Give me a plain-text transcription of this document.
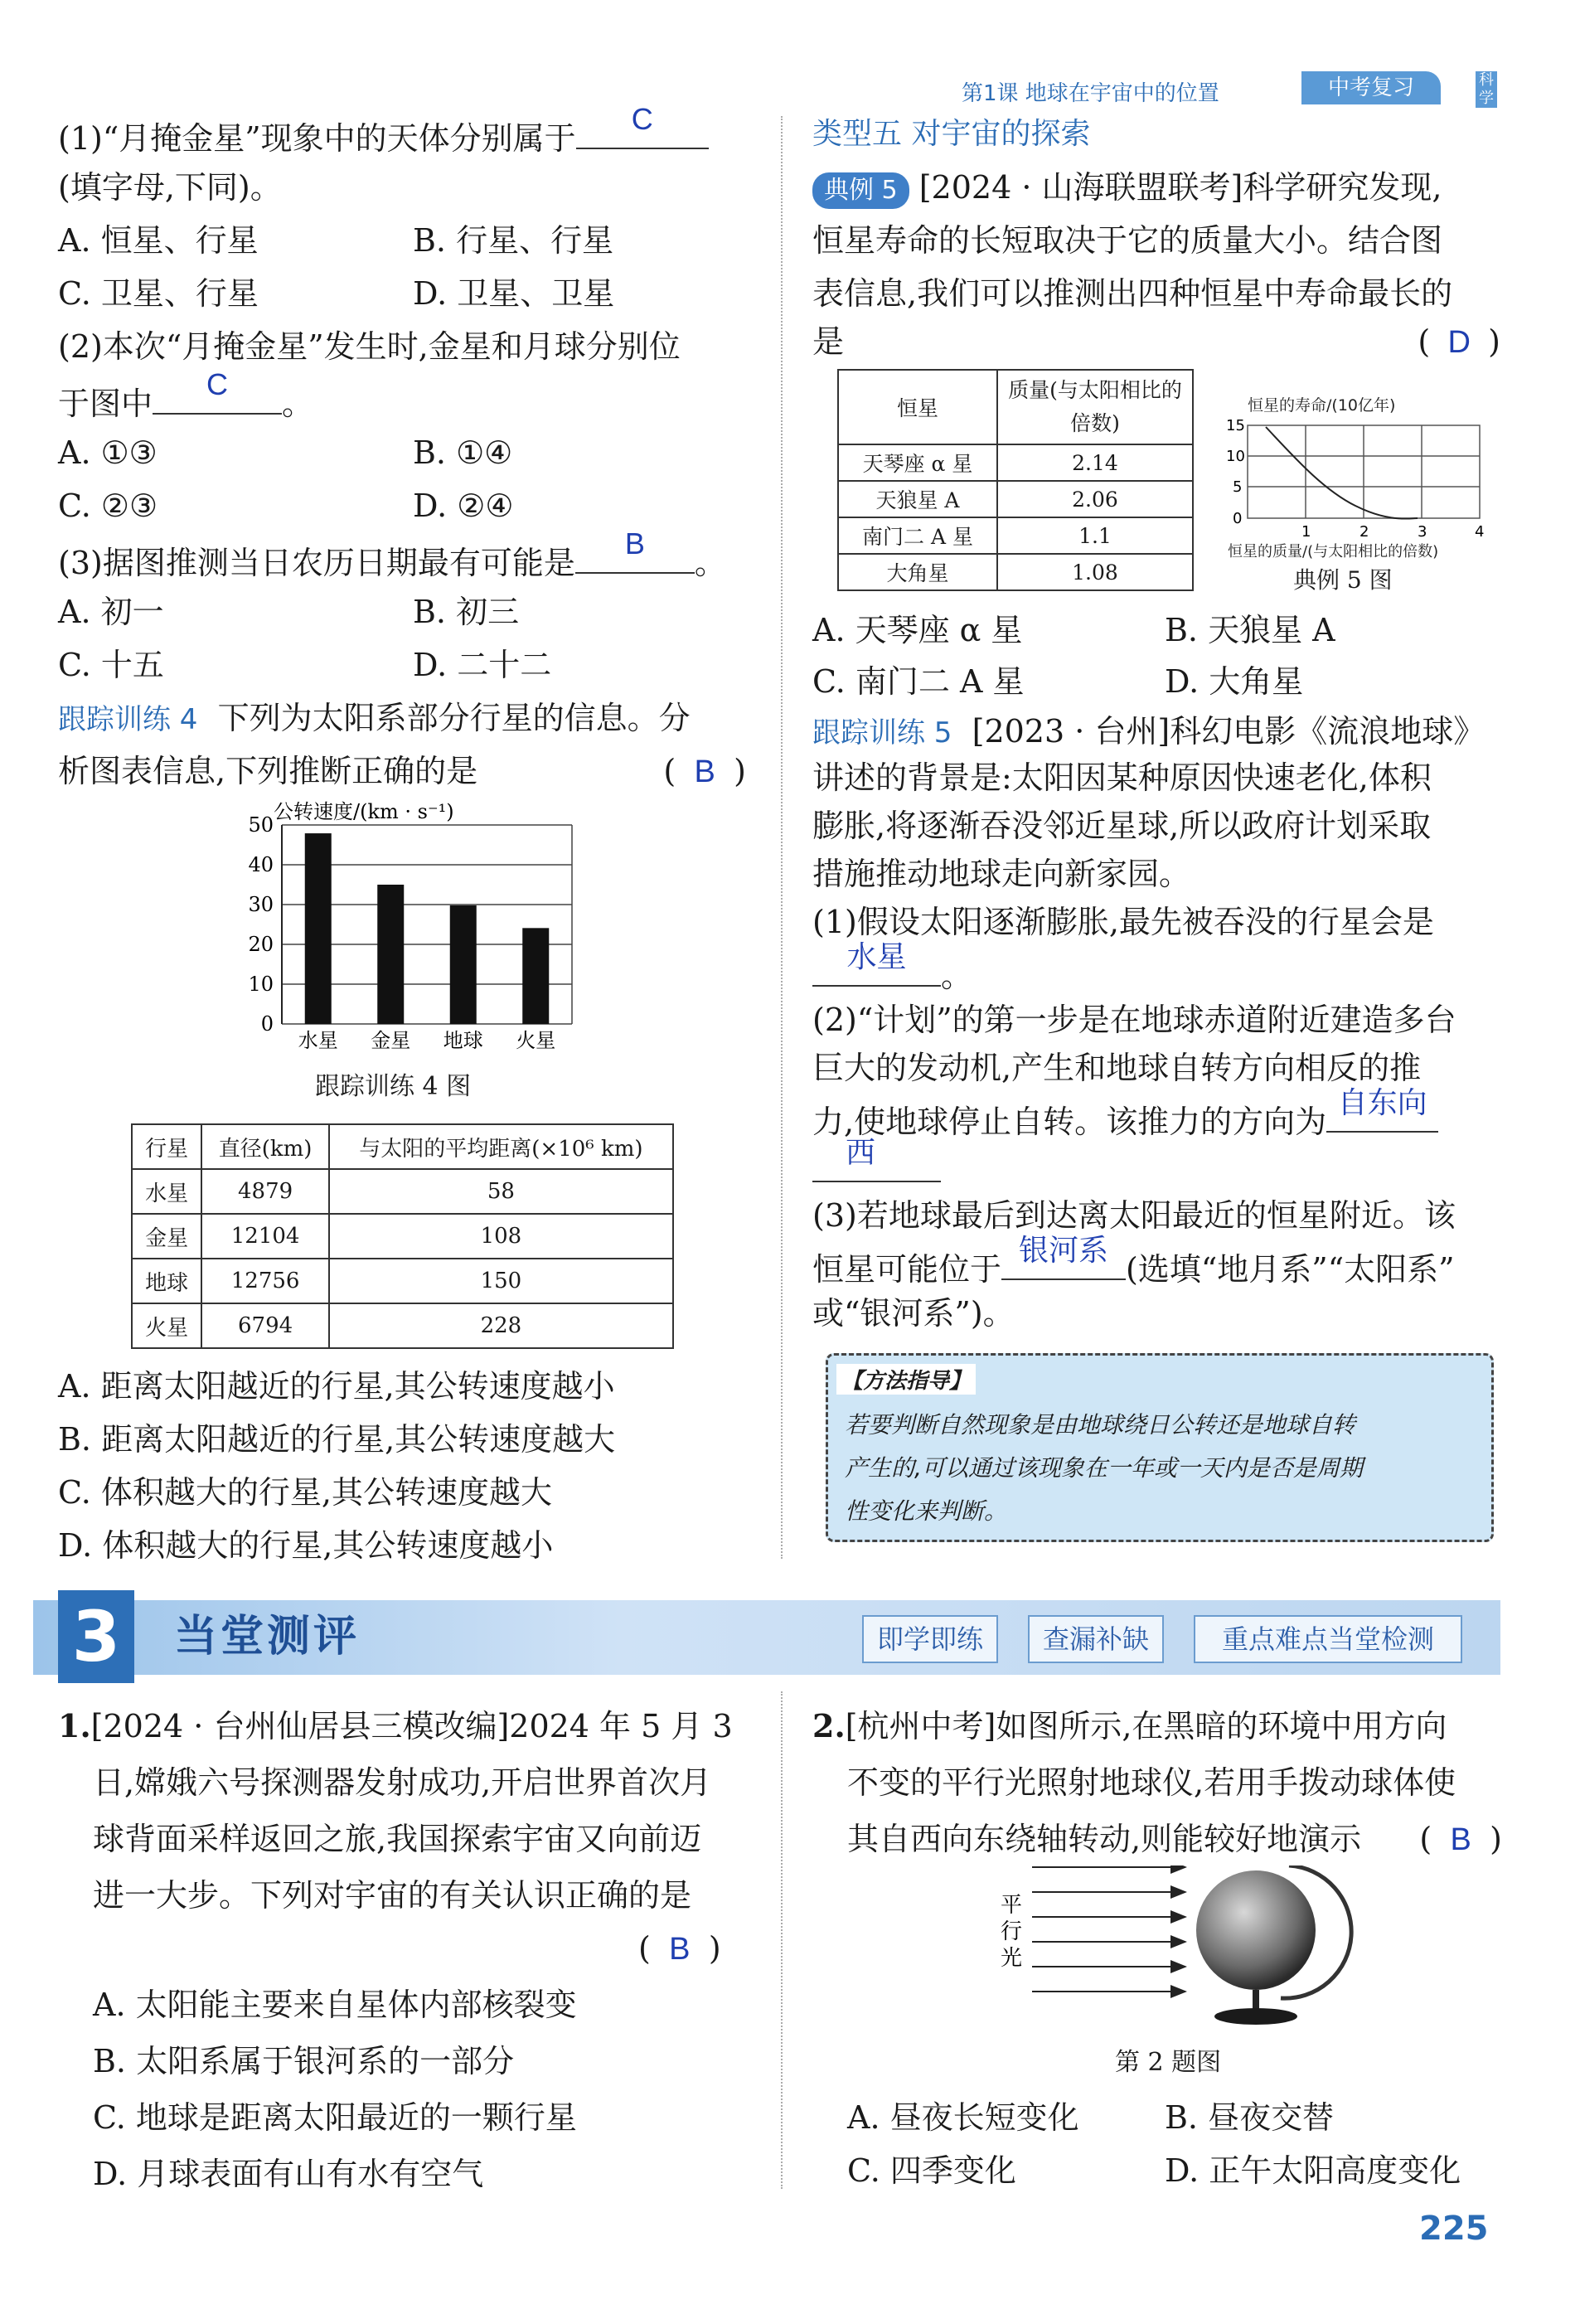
第1课 地球在宇宙中的位置	中考复习	科学
(1)“月掩金星”现象中的天体分别属于
C
(填字母,下同)。
A. 恒星、行星	B. 行星、行星
C. 卫星、行星	D. 卫星、卫星
(2)本次“月掩金星”发生时,金星和月球分别位
于图中
C
。
A. ①③	B. ①④
C. ②③	D. ②④
(3)据图推测当日农历日期最有可能是
B
。
A. 初一	B. 初三
C. 十五	D. 二十二
跟踪训练 4 下列为太阳系部分行星的信息。分
析图表信息,下列推断正确的是	( B )
公转速度/(km · s⁻¹)
0
10
20
30
40
50
水星 金星 地球 火星
跟踪训练 4 图
行星	直径(km)	与太阳的平均距离(×10⁶ km)
水星	4879	58
金星	12104	108
地球	12756	150
火星	6794	228
A. 距离太阳越近的行星,其公转速度越小
B. 距离太阳越近的行星,其公转速度越大
C. 体积越大的行星,其公转速度越大
D. 体积越大的行星,其公转速度越小
类型五 对宇宙的探索
典例 5 [2024 · 山海联盟联考]科学研究发现,
恒星寿命的长短取决于它的质量大小。结合图
表信息,我们可以推测出四种恒星中寿命最长的
是	( D )
恒星	质量(与太阳相比的倍数)
天琴座 α 星	2.14
天狼星 A	2.06
南门二 A 星	1.1
大角星	1.08
恒星的寿命/(10亿年)
15
10
5
0
1	2	3	4
恒星的质量/(与太阳相比的倍数)
典例 5 图
A. 天琴座 α 星	B. 天狼星 A
C. 南门二 A 星	D. 大角星
跟踪训练 5 [2023 · 台州]科幻电影《流浪地球》
讲述的背景是:太阳因某种原因快速老化,体积
膨胀,将逐渐吞没邻近星球,所以政府计划采取
措施推动地球走向新家园。
(1)假设太阳逐渐膨胀,最先被吞没的行星会是
水星
。
(2)“计划”的第一步是在地球赤道附近建造多台
巨大的发动机,产生和地球自转方向相反的推
力,使地球停止自转。该推力的方向为
自东向
西
(3)若地球最后到达离太阳最近的恒星附近。该
恒星可能位于
银河系
(选填“地月系”“太阳系”
或“银河系”)。
【方法指导】
若要判断自然现象是由地球绕日公转还是地球自转
产生的,可以通过该现象在一年或一天内是否是周期
性变化来判断。
3	当堂测评	即学即练	查漏补缺	重点难点当堂检测
1.[2024 · 台州仙居县三模改编]2024 年 5 月 3
日,嫦娥六号探测器发射成功,开启世界首次月
球背面采样返回之旅,我国探索宇宙又向前迈
进一大步。下列对宇宙的有关认识正确的是
( B )
A. 太阳能主要来自星体内部核裂变
B. 太阳系属于银河系的一部分
C. 地球是距离太阳最近的一颗行星
D. 月球表面有山有水有空气
2.[杭州中考]如图所示,在黑暗的环境中用方向
不变的平行光照射地球仪,若用手拨动球体使
其自西向东绕轴转动,则能较好地演示 ( B )
平
行
光
第 2 题图
A. 昼夜长短变化	B. 昼夜交替
C. 四季变化	D. 正午太阳高度变化
225
